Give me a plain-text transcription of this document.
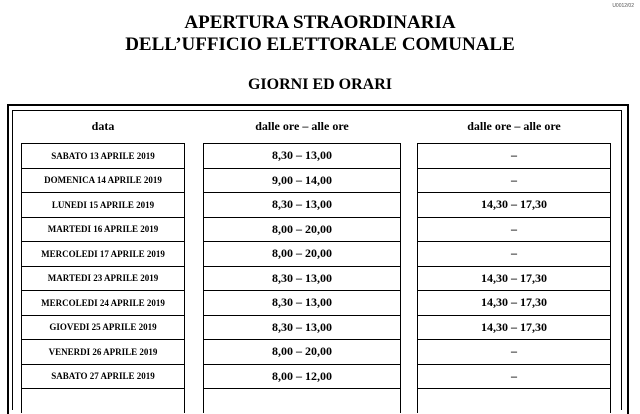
U0012/02
APERTURA STRAORDINARIA
DELL’UFFICIO ELETTORALE COMUNALE
GIORNI ED ORARI
data	dalle ore – alle ore	dalle ore – alle ore
SABATO 13 APRILE 2019
DOMENICA 14 APRILE 2019
LUNEDI 15 APRILE 2019
MARTEDI 16 APRILE 2019
MERCOLEDI 17 APRILE 2019
MARTEDI 23 APRILE 2019
MERCOLEDI 24 APRILE 2019
GIOVEDI 25 APRILE 2019
VENERDI 26 APRILE 2019
SABATO 27 APRILE 2019
8,30 – 13,00
9,00 – 14,00
8,30 – 13,00
8,00 – 20,00
8,00 – 20,00
8,30 – 13,00
8,30 – 13,00
8,30 – 13,00
8,00 – 20,00
8,00 – 12,00
–
–
14,30 – 17,30
–
–
14,30 – 17,30
14,30 – 17,30
14,30 – 17,30
–
–
